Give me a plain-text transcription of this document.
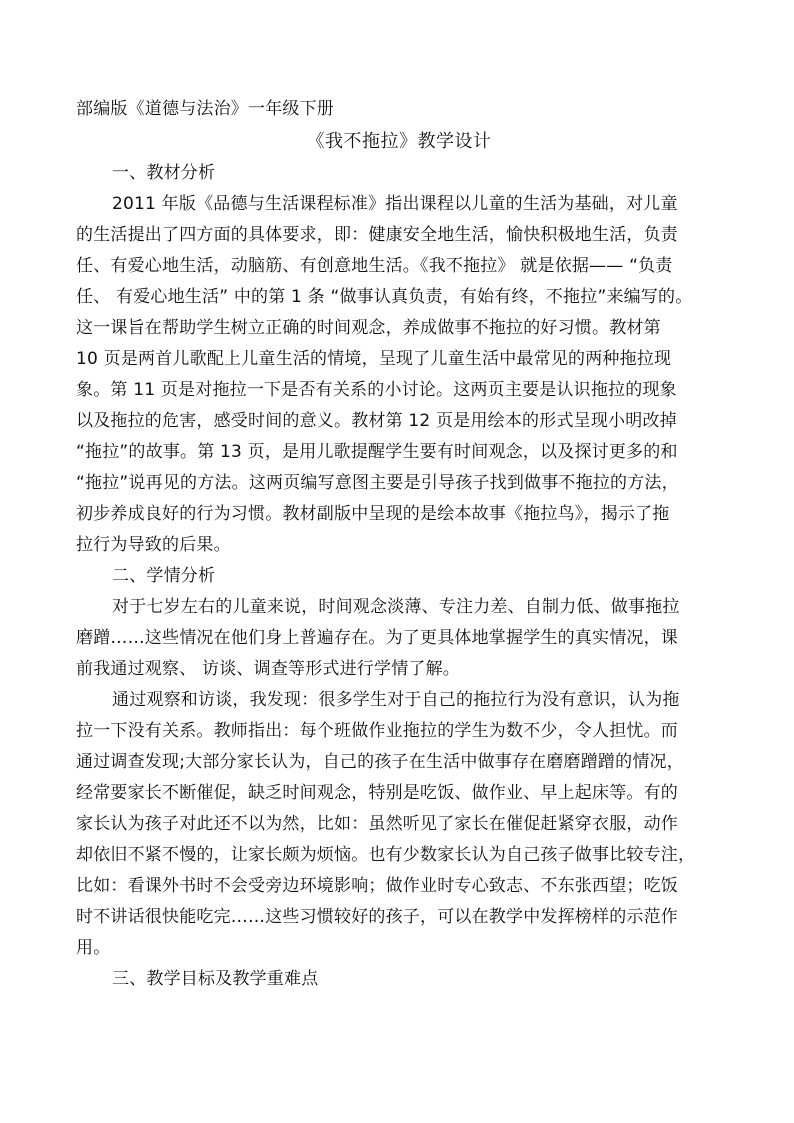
部编版《道德与法治》一年级下册
《我不拖拉》教学设计
一、教材分析
2011 年版《品德与生活课程标准》指出课程以儿童的生活为基础，对儿童
的生活提出了四方面的具体要求，即：健康安全地生活，愉快积极地生活，负责
任、有爱心地生活，动脑筋、有创意地生活。《我不拖拉》 就是依据—— “负责
任、 有爱心地生活” 中的第 1 条 “做事认真负责，有始有终，不拖拉”来编写的。
这一课旨在帮助学生树立正确的时间观念，养成做事不拖拉的好习惯。教材第
10 页是两首儿歌配上儿童生活的情境，呈现了儿童生活中最常见的两种拖拉现
象。第 11 页是对拖拉一下是否有关系的小讨论。这两页主要是认识拖拉的现象
以及拖拉的危害，感受时间的意义。教材第 12 页是用绘本的形式呈现小明改掉
“拖拉”的故事。第 13 页，是用儿歌提醒学生要有时间观念，以及探讨更多的和
“拖拉”说再见的方法。这两页编写意图主要是引导孩子找到做事不拖拉的方法，
初步养成良好的行为习惯。教材副版中呈现的是绘本故事《拖拉鸟》，揭示了拖
拉行为导致的后果。
二、学情分析
对于七岁左右的儿童来说，时间观念淡薄、专注力差、自制力低、做事拖拉
磨蹭……这些情况在他们身上普遍存在。为了更具体地掌握学生的真实情况，课
前我通过观察、 访谈、调查等形式进行学情了解。
通过观察和访谈，我发现：很多学生对于自己的拖拉行为没有意识，认为拖
拉一下没有关系。教师指出：每个班做作业拖拉的学生为数不少，令人担忧。而
通过调查发现;大部分家长认为，自己的孩子在生活中做事存在磨磨蹭蹭的情况，
经常要家长不断催促，缺乏时间观念，特别是吃饭、做作业、早上起床等。有的
家长认为孩子对此还不以为然，比如：虽然听见了家长在催促赶紧穿衣服，动作
却依旧不紧不慢的，让家长颇为烦恼。也有少数家长认为自己孩子做事比较专注，
比如：看课外书时不会受旁边环境影响；做作业时专心致志、不东张西望；吃饭
时不讲话很快能吃完……这些习惯较好的孩子，可以在教学中发挥榜样的示范作
用。
三、教学目标及教学重难点
